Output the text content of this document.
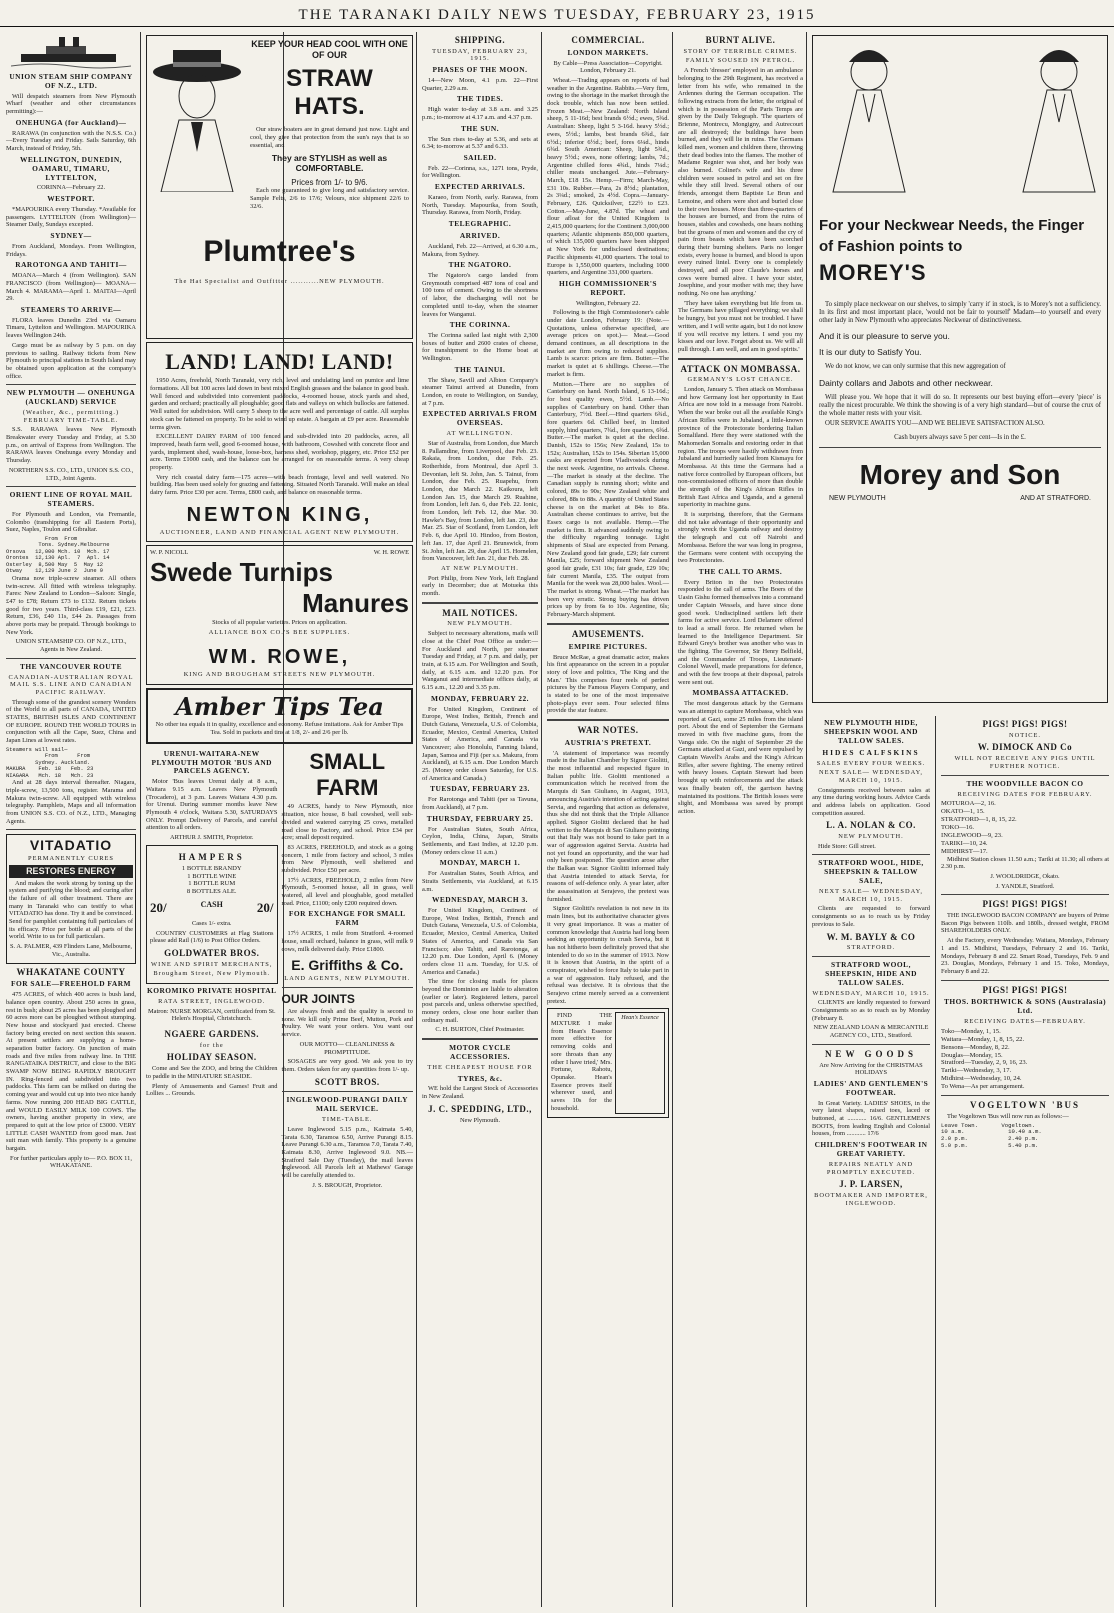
THE TARANAKI DAILY NEWS TUESDAY, FEBRUARY 23, 1915
UNION STEAM SHIP COMPANY OF N.Z., LTD.

Will despatch steamers from New Plymouth Wharf (weather and other circumstances permitting):—

ONEHUNGA (for Auckland)—

RARAWA (in conjunction with the N.S.S. Co.)—Every Tuesday and Friday. Sails Saturday, 6th March, instead of Friday, 5th.

WELLINGTON, DUNEDIN, OAMARU, TIMARU, LYTTELTON,

CORINNA—February 22.

WESTPORT.

*MAPOURIKA every Thursday. *Available for passengers. LYTTELTON (from Wellington)— Steamer Daily, Sundays excepted.

SYDNEY—

From Auckland, Mondays. From Wellington, Fridays.

RAROTONGA AND TAHITI—

MOANA—March 4 (from Wellington). SAN FRANCISCO (from Wellington)— MOANA—March 4. MARAMA—April 1. MAITAI—April 29.

STEAMERS TO ARRIVE—

FLORA leaves Dunedin 23rd via Oamaru Timaru, Lyttelton and Wellington. MAPOURIKA leaves Wellington 24th.

Cargo must be as railway by 5 p.m. on day previous to sailing. Railway tickets from New Plymouth to principal stations in South Island may be obtained upon application at the company's office.

NEW PLYMOUTH — ONEHUNGA (AUCKLAND) SERVICE
(Weather, &c., permitting.) FEBRUARY TIME-TABLE.

S.S. RARAWA leaves New Plymouth Breakwater every Tuesday and Friday, at 5.30 p.m., on arrival of Express from Wellington. The RARAWA leaves Onehunga every Monday and Thursday.

NORTHERN S.S. CO., LTD., UNION S.S. CO., LTD., Joint Agents.

ORIENT LINE OF ROYAL MAIL STEAMERS.

For Plymouth and London, via Fremantle, Colombo (transhipping for all Eastern Ports), Suez, Naples, Toulon and Gibraltar.

From  From
Tons. Sydney.Melbourne
Orsova   12,000 Mch. 10  Mch. 17
Orontes  12,130 Apl.  7  Apl. 14
Osterley  8,500 May  5  May 12
Otway    12,129 June 2  June 9

Orama now triple-screw steamer. All others twin-screw. All fitted with wireless telegraphy. Fares: New Zealand to London—Saloon: Single, £47 to £78; Return £73 to £132. Return tickets good for two years. Third-class £19, £21, £23. Return, £36, £40 11s, £44 2s. Passages from above ports may be prepaid. Through bookings to New York.

UNION STEAMSHIP CO. OF N.Z., LTD., Agents in New Zealand.

THE VANCOUVER ROUTE
CANADIAN-AUSTRALIAN ROYAL MAIL S.S. LINE AND CANADIAN PACIFIC RAILWAY.

Through some of the grandest scenery Wonders of the World to all parts of CANADA, UNITED STATES, BRITISH ISLES AND CONTINENT OF EUROPE. ROUND THE WORLD TOURS in conjunction with all the Cape, Suez, China and Japan Lines at lowest rates.

Steamers will sail—
From      From
Sydney. Auckland.
MAKURA    Feb. 18   Feb. 23
NIAGARA   Mch. 18   Mch. 23

And at 28 days interval thereafter. Niagara, triple-screw, 13,500 tons, register. Marama and Makura twin-screw. All equipped with wireless telegraphy. Pamphlets, Maps and all information from UNION S.S. CO. of N.Z., LTD., Managing Agents.

VITADATIO
PERMANENTLY CURES
RESTORES ENERGY

And makes the work strong by toning up the system and purifying the blood; and curing after the failure of all other treatment. There are many in Taranaki who can testify to what VITADATIO has done. Try it and be convinced. Send for pamphlet containing full particulars of its efficacy. Price per bottle at all parts of the world. Write to us for full particulars.

S. A. PALMER, 439 Flinders Lane, Melbourne, Vic., Australia.

WHAKATANE COUNTY
FOR SALE—FREEHOLD FARM

475 ACRES, of which 400 acres is bush land, balance open country. About 250 acres in grass, rest in bush; about 25 acres has been ploughed and 60 acres more can be ploughed without stumping. New house and stockyard just erected. Cheese factory being erected on next section this season. At present settlers are supplying a home-separation butter factory. On junction of main roads and five miles from railway line. In THE RANGATAIKA DISTRICT, and close to the BIG SWAMP NOW BEING RAPIDLY BROUGHT IN. Ring-fenced and subdivided into two paddocks. This farm can be milked on during the coming year and would cut up into two nice handy farms. Now running 200 HEAD BIG CATTLE, and WOULD EASILY MILK 100 COWS. The owners, having another property in view, are prepared to quit at the low price of £3000. VERY LITTLE CASH WANTED from good man. Just suit man with family. This property is a genuine bargain.

For further particulars apply to— P.O. BOX 11, WHAKATANE.

KEEP YOUR HEAD COOL WITH ONE OF OUR
STRAW HATS.

Our straw boaters are in great demand just now. Light and cool, they give that protection from the sun's rays that is so essential, and

They are STYLISH as well as COMFORTABLE.
Prices from 1/- to 9/6.

Each one guaranteed to give long and satisfactory service. Sample Felts, 2/6 to 17/6; Velours, nice shipment 22/6 to 32/6.

Plumtree's
The Hat Specialist and Outfitter ...........NEW PLYMOUTH.
LAND! LAND! LAND!

1950 Acres, freehold, North Taranaki, very rich, level and undulating land on pumice and lime formations. All but 100 acres laid down in best mixed English grasses and the balance in good bush. Well fenced and subdivided into convenient paddocks, 4-roomed house, stock yards and shed, garden and orchard; practically all ploughable; good flats and valleys on which bullocks are fattened. Well suited for subdivision. Will carry 5 sheep to the acre well and percentage of cattle. All surplus stock can be fattened on property. To be sold to wind up estate. A bargain at £9 per acre. Reasonable terms given.

EXCELLENT DAIRY FARM of 100 fenced and sub-divided into 20 paddocks, acres, all improved, heath farm well, good 6-roomed house, with bathroom, Cowshed with concrete floor and yards, implement shed, wash-house, loose-box, harness shed, workshop, piggery, etc. Price £52 per acre. Terms £1000 cash, and the balance can be arranged for on reasonable terms. A very cheap property.

Very rich coastal dairy farm—175 acres—with beach frontage, level and well watered. No building. Has been used solely for grazing and fattening. Situated North Taranaki. Will make an ideal dairy farm. Price £30 per acre. Terms, £800 cash, and balance on reasonable terms.

NEWTON KING,
AUCTIONEER, LAND AND FINANCIAL AGENT NEW PLYMOUTH.
W. P. NICOLL	W. H. ROWE
Swede Turnips
Manures

Stocks of all popular varieties. Prices on application.

ALLIANCE BOX CO.'S BEE SUPPLIES.
WM. ROWE,
KING AND BROUGHAM STREETS NEW PLYMOUTH.
Amber Tips Tea

No other tea equals it in quality, excellence and economy. Refuse imitations. Ask for Amber Tips Tea. Sold in packets and tins at 1/8, 2/- and 2/6 per lb.

URENUI-WAITARA-NEW PLYMOUTH MOTOR 'BUS AND PARCELS AGENCY.

Motor 'Bus leaves Urenui daily at 8 a.m., Waitara 9.15 a.m. Leaves New Plymouth (Trocadero), at 3 p.m. Leaves Waitara 4.30 p.m. for Urenui. During summer months leave New Plymouth 4 o'clock, Waitara 5.30, SATURDAYS ONLY. Prompt Delivery of Parcels, and careful attention to all orders.

ARTHUR J. SMITH, Proprietor.

HAMPERS
1 BOTTLE BRANDY
1 BOTTLE WINE
1 BOTTLE RUM
8 BOTTLES ALE.
20/	CASH	20/

Cases 1/- extra.

COUNTRY CUSTOMERS at Flag Stations please add Rail (1/6) to Post Office Orders.

GOLDWATER BROS.
WINE AND SPIRIT MERCHANTS,
Brougham Street, New Plymouth.
KOROMIKO PRIVATE HOSPITAL
RATA STREET, INGLEWOOD.

Matron: NURSE MORGAN, certificated from St. Helen's Hospital, Christchurch.

NGAERE GARDENS.
for the
HOLIDAY SEASON.

Come and See the ZOO, and bring the Children to paddle in the MINIATURE SEASIDE.

Plenty of Amusements and Games! Fruit and Lollies ... Grounds.

SMALL FARM

49 ACRES, handy to New Plymouth, nice situation, nice house, 8 bail cowshed, well sub-divided and watered carrying 25 cows, metalled road close to Factory, and school. Price £34 per acre; small deposit required.

83 ACRES, FREEHOLD, and stock as a going concern, 1 mile from factory and school, 3 miles from New Plymouth, well sheltered and subdivided. Price £50 per acre.

17½ ACRES, FREEHOLD, 2 miles from New Plymouth, 5-roomed house, all in grass, well watered, all level and ploughable, good metalled road. Price, £1100; only £200 required down.

FOR EXCHANGE FOR SMALL FARM

17½ ACRES, 1 mile from Stratford. 4-roomed house, small orchard, balance in grass, will milk 9 cows, milk delivered daily. Price £1800.

E. Griffiths & Co.
LAND AGENTS, NEW PLYMOUTH.
OUR JOINTS

Are always fresh and the quality is second to none. We kill only Prime Beef, Mutton, Pork and Poultry. We want your orders. You want our service.

OUR MOTTO— CLEANLINESS & PROMPTITUDE.

SOSAGES are very good. We ask you to try them. Orders taken for any quantities from 1/- up.

SCOTT BROS.
INGLEWOOD-PURANGI DAILY MAIL SERVICE.
TIME-TABLE.

Leave Inglewood 5.15 p.m., Kaimata 5.40, Tarata 6.30, Taramoa 6.50, Arrive Purangi 8.15. Leave Purangi 6.30 a.m., Taramoa 7.0, Tarata 7.40, Kaimata 8.30, Arrive Inglewood 9.0. NB.—Stratford Sale Day (Tuesday), the mail leaves Inglewood. All Parcels left at Mathews' Garage will be carefully attended to.

J. S. BROUGH, Proprietor.

SHIPPING.
TUESDAY, FEBRUARY 23, 1915.
PHASES OF THE MOON.

14—New Moon, 4.1 p.m. 22—First Quarter, 2.29 a.m.

THE TIDES.

High water to-day at 3.8 a.m. and 3.25 p.m.; to-morrow at 4.17 a.m. and 4.37 p.m.

THE SUN.

The Sun rises to-day at 5.36, and sets at 6.34; to-morrow at 5.37 and 6.33.

SAILED.

Feb. 22—Corinna, s.s., 1271 tons, Pryde, for Wellington.

EXPECTED ARRIVALS.

Karaeo, from North, early. Rarawa, from North, Tuesday. Mapourika, from South, Thursday. Rarawa, from North, Friday.

TELEGRAPHIC.
ARRIVED.

Auckland, Feb. 22—Arrived, at 6.30 a.m., Makura, from Sydney.

THE NGATORO.

The Ngatoro's cargo landed from Greymouth comprised 487 tons of coal and 100 tons of cement. Owing to the shortness of labor, the discharging will not be completed until to-day, when the steamer leaves for Wanganui.

THE CORINNA.

The Corinna sailed last night with 2,300 boxes of butter and 2600 crates of cheese, for transhipment to the Home boat at Wellington.

THE TAINUI.

The Shaw, Savill and Albion Company's steamer Tainui arrived at Dunedin, from London, en route to Wellington, on Sunday, at 7 p.m.

EXPECTED ARRIVALS FROM OVERSEAS.
AT WELLINGTON.

Star of Australia, from London, due March 8. Pallamdine, from Liverpool, due Feb. 23. Rakaia, from London, due Feb. 25. Rotherhide, from Montreal, due April 3. Devonian, left St. John, Jan. 5. Tainui, from London, due Feb. 25. Ruapehu, from London, due March 22. Kaikoura, left London Jan. 15, due March 29. Ruahine, from London, left Jan. 6, due Feb. 22. Ionic, from London, left Feb. 12, due Mar. 30. Hawke's Bay, from London, left Jan. 23, due Mar. 25. Star of Scotland, from London, left Feb. 6, due April 10. Hindoo, from Boston, left Jan. 17, due April 21. Brunswick, from St. John, left Jan. 29, due April 15. Hornelen, from Vancouver, left Jan. 21, due Feb. 28.

AT NEW PLYMOUTH.

Port Philip, from New York, left England early in December; due at Motueka this month.

MAIL NOTICES.
NEW PLYMOUTH.

Subject to necessary alterations, mails will close at the Chief Post Office as under:— For Auckland and North, per steamer Tuesday and Friday, at 7 p.m. and daily, per train, at 6.15 a.m. For Wellington and South, daily, at 6.15 a.m. and 12.20 p.m. For Wanganui and intermediate offices daily, at 6.15 a.m., 12.20 and 3.35 p.m.

MONDAY, FEBRUARY 22.

For United Kingdom, Continent of Europe, West Indies, British, French and Dutch Guiana, Venezuela, U.S. of Colombia, Ecuador, Mexico, Central America, United States of America, and Canada via Vancouver; also Honolulu, Fanning Island, Japan, Samoa and Fiji (per s.s. Makura, from Auckland), at 6.15 a.m. Due London March 25. (Money order closes Saturday, for U.S. of America and Canada.)

TUESDAY, FEBRUARY 23.

For Rarotonga and Tahiti (per ss Tavuna, from Auckland), at 7 p.m.

THURSDAY, FEBRUARY 25.

For Australian States, South Africa, Ceylon, India, China, Japan, Straits Settlements, and East Indies, at 12.20 p.m. (Money orders close 11 a.m.)

MONDAY, MARCH 1.

For Australian States, South Africa, and Straits Settlements, via Auckland, at 6.15 a.m.

WEDNESDAY, MARCH 3.

For United Kingdom, Continent of Europe, West Indies, British, French and Dutch Guiana, Venezuela, U.S. of Colombia, Ecuador, Mexico, Central America, United States of America, and Canada via San Francisco; also Tahiti, and Rarotonga, at 12.20 p.m. Due London, April 6. (Money orders close 11 a.m. Tuesday, for U.S. of America and Canada.)

The time for closing mails for places beyond the Dominion are liable to alteration (earlier or later). Registered letters, parcel post parcels and, unless otherwise specified, money orders, close one hour earlier than ordinary mail.

C. H. BURTON, Chief Postmaster.

MOTOR CYCLE ACCESSORIES.
THE CHEAPEST HOUSE FOR
TYRES, &c.

WE hold the Largest Stock of Accessories in New Zealand.

J. C. SPEDDING, LTD.,

New Plymouth.

COMMERCIAL.
LONDON MARKETS.

By Cable—Press Association—Copyright. London, February 21.

Wheat.—Trading appears on reports of bad weather in the Argentine. Rabbits.—Very firm, owing to the shortage in the market through the dock trouble, which has now been settled. Frozen Meat.—New Zealand: North Island sheep, 5 11-16d; best brands 6½d.; ewes, 5¾d. Australian: Sheep, light 5 3-16d. heavy 5½d.; ewes, 5½d.; lambs, best brands 6¾d., fair 6½d.; inferior 6½d.; beef, fores 6¼d., hinds 6¾d. South American: Sheep, light 5¾d., heavy 5½d.; ewes, none offering; lambs, 7d.; Argentine chilled fores 4¾d., hinds 7¼d.; chiller meats unchanged. Jute.—February-March, £18 15s. Hemp.—Firm; March-May, £31 10s. Rubber.—Para, 2s 8½d.; plantation, 2s 3¼d.; smoked, 2s 4½d. Copra.—January-February, £26. Quicksilver, £22½ to £23. Cotton.—May-June, 4.87d. The wheat and flour afloat for the United Kingdom is 2,415,000 quarters; for the Continent 3,000,000 quarters; Atlantic shipments 850,000 quarters, of which 135,000 quarters have been shipped at New York for undisclosed destinations; Pacific shipments 41,000 quarters. The total to Europe is 1,550,000 quarters, including 1000 quarters, and Argentine 331,000 quarters.

HIGH COMMISSIONER'S REPORT.

Wellington, February 22.

Following is the High Commissioner's cable under date London, February 19: (Note.—Quotations, unless otherwise specified, are average prices on spot.)— Meat.—Good demand continues, as all descriptions in the market are firm owing to reduced supplies. Lamb is scarce: prices are firm. Butter.—The market is quiet at 6 shillings. Cheese.—The market is firm.

Mutton.—There are no supplies of Canterbury on hand. North Island, 6 13-16d.; for best quality ewes, 5½d. Lamb.—No supplies of Canterbury on hand. Other than Canterbury, 7½d. Beef.—Hind quarters 6¾d., fore quarters 6d. Chilled beef, in limited supply, hind quarters, 7¾d., fore quarters, 6¾d. Butter.—The market is quiet at the decline. Danish, 152s to 156s; New Zealand, 15s to 152s; Australian, 152s to 154s. Siberian 15,000 casks are expected from Vladivostock during the next week. Argentine, no arrivals. Cheese.—The market is steady at the decline. The Canadian supply is running short; white and colored, 89s to 90s; New Zealand white and colored, 88s to 88s. A quantity of United States cheese is on the market at 84s to 86s. Australian cheese continues to arrive, but the Essex cargo is not available. Hemp.—The market is firm. It advanced suddenly owing to the difficulty regarding tonnage. Light shipments of Sisal are expected from Penang. New Zealand good fair grade, £29; fair current Manila, £25; forward shipment New Zealand good fair grade, £31 10s; fair grade, £29 10s; fair current Manila, £35. The output from Manila for the week was 28,000 bales. Wool.—The market is strong. Wheat.—The market has been very erratic. Strong buying has driven prices up by from 6s to 10s. Argentine, 6ls; February-March shipment.

AMUSEMENTS.
EMPIRE PICTURES.

Bruce McRae, a great dramatic actor, makes his first appearance on the screen in a popular story of love and politics, 'The King and the Man.' This comprises four reels of perfect pictures by the Famous Players Company, and is stated to be one of the most impressive photo-plays ever seen. Four selected films provide the star feature.

WAR NOTES.
AUSTRIA'S PRETEXT.

'A statement of importance was recently made in the Italian Chamber by Signor Giolitti, the most influential and respected figure in Italian public life. Giolitti mentioned a communication which he received from the Marquis di San Giuliano, in August, 1913, announcing Austria's intention of acting against Servia, and regarding that action as defensive, thus she did not think that the Triple Alliance applied. Signor Giolitti declared that he had written to the Marquis di San Giuliano pointing out that Italy was not bound to take part in a war of aggression against Servia. Austria had not yet found an opportunity, and the war had only been postponed. The question arose after the Balkan war. Signor Giolitti informed Italy that Austria intended to attack Servia, for reasons of self-defence only. A year later, after the assassination at Serajevo, the pretext was furnished.

Signor Giolitti's revelation is not new in its main lines, but its authoritative character gives it very great importance. It was a matter of common knowledge that Austria had long been seeking an opportunity to crush Servia, but it has not hitherto been definitely proved that she intended to do so in the summer of 1913. Now it is known that Austria, in the spirit of a conspirator, wished to force Italy to take part in a war of aggression. Italy refused, and the refusal was decisive. It is obvious that the Serajevo crime merely served as a convenient pretext.

FIND THE MIXTURE I make from Hean's Essence more effective for removing colds and sore throats than any other I have tried,' Mrs. Fortune, Rahotu, Opunake. Hean's Essence proves itself wherever used, and saves 10s for the household.

Hean's Essence
BURNT ALIVE.
STORY OF TERRIBLE CRIMES.
FAMILY SOUSED IN PETROL.

A French 'dresser' employed in an ambulance belonging to the 29th Regiment, has received a letter from his wife, who remained in the Ardennes during the German occupation. The following extracts from the letter, the original of which is in possession of the Paris Temps are given by the Daily Telegraph. 'The quarters of Brienne, Montrecu, Mongigny, and Autrecourt are all destroyed; the buildings have been burned, and they will lie in ruins. The Germans killed men, women and children there, throwing their dead bodies into the flames. The mother of Madame Regnier was shot, and her body was also burned. Colinet's wife and his three children were soused in petrol and set on fire while they still lived. Several others of our friends, amongst them Baptiste Le Brun and Lemoine, and others were shot and buried close to their own houses. More than three-quarters of the houses are burned, and from the ruins of houses, stables and cowsheds, one hears nothing but the groans of men and women and the cry of pain from beasts which have been scorched during their burning shelters. Paris no longer exists, every house is burned, and blood is upon every ruined lintel. Every one is completely destroyed, and all poor Claude's horses and cows were burned alive. I have your sister, Josephine, and your mother with me; they have nothing. No one has anything.'

'They have taken everything but life from us. The Germans have pillaged everything; we shall be hungry, but you must not be troubled. I have written, and I will write again, but I do not know if you will receive my letters. I send you my kisses and our love. Forget about us. We will all pull through. I am well, and am in good spirits.'

ATTACK ON MOMBASSA.
GERMANY'S LOST CHANCE.

London, January 5. Then attack on Mombassa and how Germany lost her opportunity in East Africa are now told in a message from Nairobi. When the war broke out all the available King's African Rifles were in Jubaland, a little-known province of the Protectorate bordering Italian Somaliland. Here they were stationed with the Mahomedan Somalis and restoring order in that region. The troops were hastily withdrawn from Jubaland and hurriedly sailed from Kismayu for Mombassa. At this time the Germans had a native force controlled by European officers, but non-commissioned officers of more than double the strength of the King's African Rifles in British East Africa and Uganda, and a general superiority in machine guns.

It is surprising, therefore, that the Germans did not take advantage of their opportunity and strongly wreck the Uganda railway and destroy the telegraph and cut off Nairobi and Mombassa. Before the war was long in progress, the Germans were content with occupying the two Protectorates.

THE CALL TO ARMS.

Every Briton in the two Protectorates responded to the call of arms. The Boers of the Uasin Gishu formed themselves into a command under Captain Wessels, and have since done good work. Undisciplined settlers left their farms for active service. Lord Delamere offered to lead a small force. He returned when he learned to the Intelligence Department. Sir Edward Grey's brother was another who was in the fighting. The Governor, Sir Henry Belfield, and the Commander of Troops, Lieutenant-Colonel Wavell, made preparations for defence, and with the few troops at their disposal, patrols were sent out.

MOMBASSA ATTACKED.

The most dangerous attack by the Germans was an attempt to capture Mombassa, which was reported at Gazi, some 25 miles from the island port. About the end of September the Germans moved in with five machine guns, from the Vanga side. On the night of September 29 the Germans attacked at Gazi, and were repulsed by Captain Wavell's Arabs and the King's African Rifles, after severe fighting. The enemy retired with heavy losses. Captain Stewart had been brought up with reinforcements and the attack was finally beaten off, the garrison having maintained its positions. The British losses were slight, and Mombassa was saved by prompt action.

For your Neckwear Needs, the Finger of Fashion points to
MOREY'S

To simply place neckwear on our shelves, to simply 'carry it' in stock, is to Morey's not a sufficiency. In its first and most important place, 'would not be fair to yourself' Madam—to yourself and every other lady in New Plymouth who appreciates Neckwear of distinctiveness.

And it is our pleasure to serve you.
It is our duty to Satisfy You.

We do not know, we can only surmise that this new aggregation of

Dainty collars and Jabots and other neckwear.

Will please you. We hope that it will do so. It represents our best buying effort—every 'piece' is really the nicest procurable. We think the showing is of a very high standard—but of course the crux of the whole matter rests with your visit.

OUR SERVICE AWAITS YOU—AND WE BELIEVE SATISFACTION ALSO.

Cash buyers always save 5 per cent—Is in the £.

Morey and Son
NEW PLYMOUTH	AND AT STRATFORD.
NEW PLYMOUTH HIDE, SHEEPSKIN WOOL AND TALLOW SALES.
HIDES CALFSKINS
SALES EVERY FOUR WEEKS.
NEXT SALE— WEDNESDAY, MARCH 10, 1915.

Consignments received between sales at any time during working hours. Advice Cards and address labels on application. Good competition assured.

L. A. NOLAN & CO.
NEW PLYMOUTH.

Hide Store: Gill street.

STRATFORD WOOL, HIDE, SHEEPSKIN & TALLOW SALE,
NEXT SALE— WEDNESDAY, MARCH 10, 1915.

Clients are requested to forward consignments so as to reach us by Friday previous to Sale.

W. M. BAYLY & CO
STRATFORD.
STRATFORD WOOL, SHEEPSKIN, HIDE AND TALLOW SALES.
WEDNESDAY, MARCH 10, 1915.

CLIENTS are kindly requested to forward Consignments so as to reach us by Monday (February 8.

NEW ZEALAND LOAN & MERCANTILE AGENCY CO., LTD., Stratford.

NEW GOODS

Are Now Arriving for the CHRISTMAS HOLIDAYS

LADIES' AND GENTLEMEN'S FOOTWEAR.

In Great Variety. LADIES' SHOES, in the very latest shapes, raised toes, laced or buttoned, at ............ 16/6. GENTLEMEN'S BOOTS, from leading English and Colonial houses, from ............ 17/6

CHILDREN'S FOOTWEAR IN GREAT VARIETY.
REPAIRS NEATLY AND PROMPTLY EXECUTED.
J. P. LARSEN,
BOOTMAKER AND IMPORTER, INGLEWOOD.
PIGS! PIGS! PIGS!
NOTICE.
W. DIMOCK AND Co
WILL NOT RECEIVE ANY PIGS UNTIL FURTHER NOTICE.
THE WOODVILLE BACON CO
RECEIVING DATES FOR FEBRUARY.
MOTUROA—2, 16.
OKATO—1, 15.
STRATFORD—1, 8, 15, 22.
TOKO—16.
INGLEWOOD—9, 23.
TARIKI—10, 24.
MIDHIRST—17.

Midhirst Station closes 11.50 a.m.; Tariki at 11.30; all others at 2.30 p.m.

J. WOOLDRIDGE, Okato.

J. YANDLE, Stratford.

PIGS! PIGS! PIGS!

THE INGLEWOOD BACON COMPANY are buyers of Prime Bacon Pigs between 110lb. and 180lb., dressed weight, FROM SHAREHOLDERS ONLY.

At the Factory, every Wednesday. Waitara, Mondays, February 1 and 15. Midhirst, Tuesdays, February 2 and 16. Tariki, Mondays, February 8 and 22. Smart Road, Tuesdays, Feb. 9 and 23. Douglas, Mondays, February 1 and 15. Toko, Mondays, February 8 and 22.

PIGS! PIGS! PIGS!
THOS. BORTHWICK & SONS (Australasia) Ltd.
RECEIVING DATES—FEBRUARY.
Toko—Monday, 1, 15.
Waitara—Monday, 1, 8, 15, 22.
Bensons—Monday, 8, 22.
Douglas—Monday, 15.
Stratford—Tuesday, 2, 9, 16, 23.
Tariki—Wednesday, 3, 17.
Midhirst—Wednesday, 10, 24.
To Wena—As per arrangement.
VOGELTOWN 'BUS

The Vogeltown 'Bus will now run as follows:—

Leave Town.       Vogeltown.
10 a.m.             10.40 a.m.
2.0 p.m.            2.40 p.m.
5.0 p.m.            5.40 p.m.
